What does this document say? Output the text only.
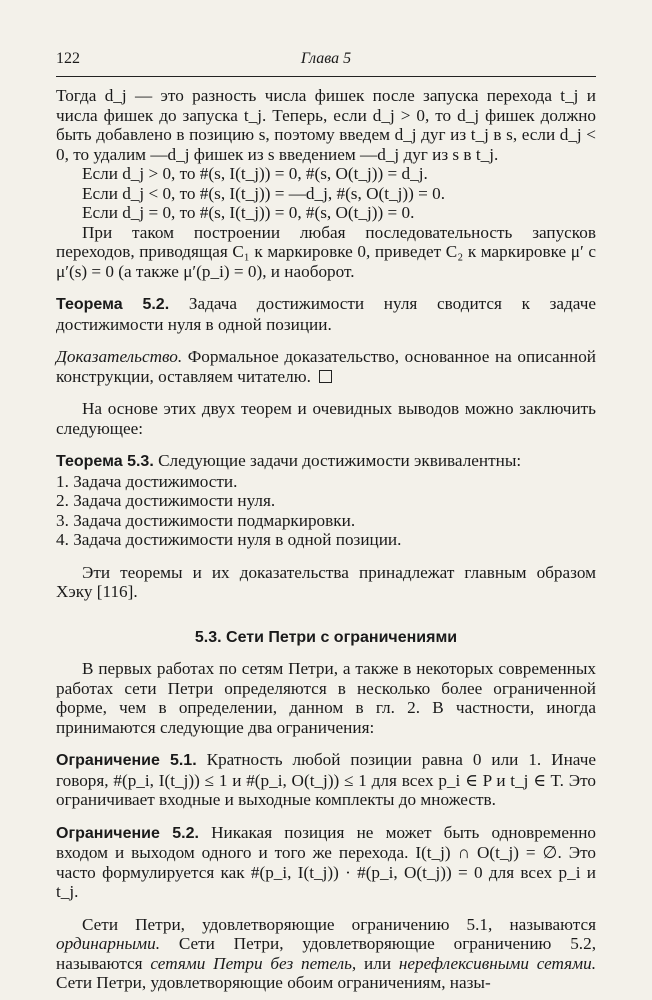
122	Глава 5

Тогда d_j — это разность числа фишек после запуска перехода t_j и числа фишек до запуска t_j. Теперь, если d_j > 0, то d_j фишек должно быть добавлено в позицию s, поэтому введем d_j дуг из t_j в s, если d_j < 0, то удалим —d_j фишек из s введением —d_j дуг из s в t_j.

Если d_j > 0, то #(s, I(t_j)) = 0, #(s, O(t_j)) = d_j.
Если d_j < 0, то #(s, I(t_j)) = —d_j, #(s, O(t_j)) = 0.
Если d_j = 0, то #(s, I(t_j)) = 0, #(s, O(t_j)) = 0.

При таком построении любая последовательность запусков переходов, приводящая C₁ к маркировке 0, приведет C₂ к маркировке μ′ с μ′(s) = 0 (а также μ′(p_i) = 0), и наоборот.

Теорема 5.2. Задача достижимости нуля сводится к задаче достижимости нуля в одной позиции.

Доказательство. Формальное доказательство, основанное на описанной конструкции, оставляем читателю.

На основе этих двух теорем и очевидных выводов можно заключить следующее:

Теорема 5.3. Следующие задачи достижимости эквивалентны:

1. Задача достижимости.
2. Задача достижимости нуля.
3. Задача достижимости подмаркировки.
4. Задача достижимости нуля в одной позиции.

Эти теоремы и их доказательства принадлежат главным образом Хэку [116].

5.3. Сети Петри с ограничениями

В первых работах по сетям Петри, а также в некоторых современных работах сети Петри определяются в несколько более ограниченной форме, чем в определении, данном в гл. 2. В частности, иногда принимаются следующие два ограничения:

Ограничение 5.1. Кратность любой позиции равна 0 или 1. Иначе говоря, #(p_i, I(t_j)) ≤ 1 и #(p_i, O(t_j)) ≤ 1 для всех p_i ∈ P и t_j ∈ T. Это ограничивает входные и выходные комплекты до множеств.

Ограничение 5.2. Никакая позиция не может быть одновременно входом и выходом одного и того же перехода. I(t_j) ∩ O(t_j) = ∅. Это часто формулируется как #(p_i, I(t_j)) · #(p_i, O(t_j)) = 0 для всех p_i и t_j.

Сети Петри, удовлетворяющие ограничению 5.1, называются ординарными. Сети Петри, удовлетворяющие ограничению 5.2, называются сетями Петри без петель, или нерефлексивными сетями. Сети Петри, удовлетворяющие обоим ограничениям, назы-
